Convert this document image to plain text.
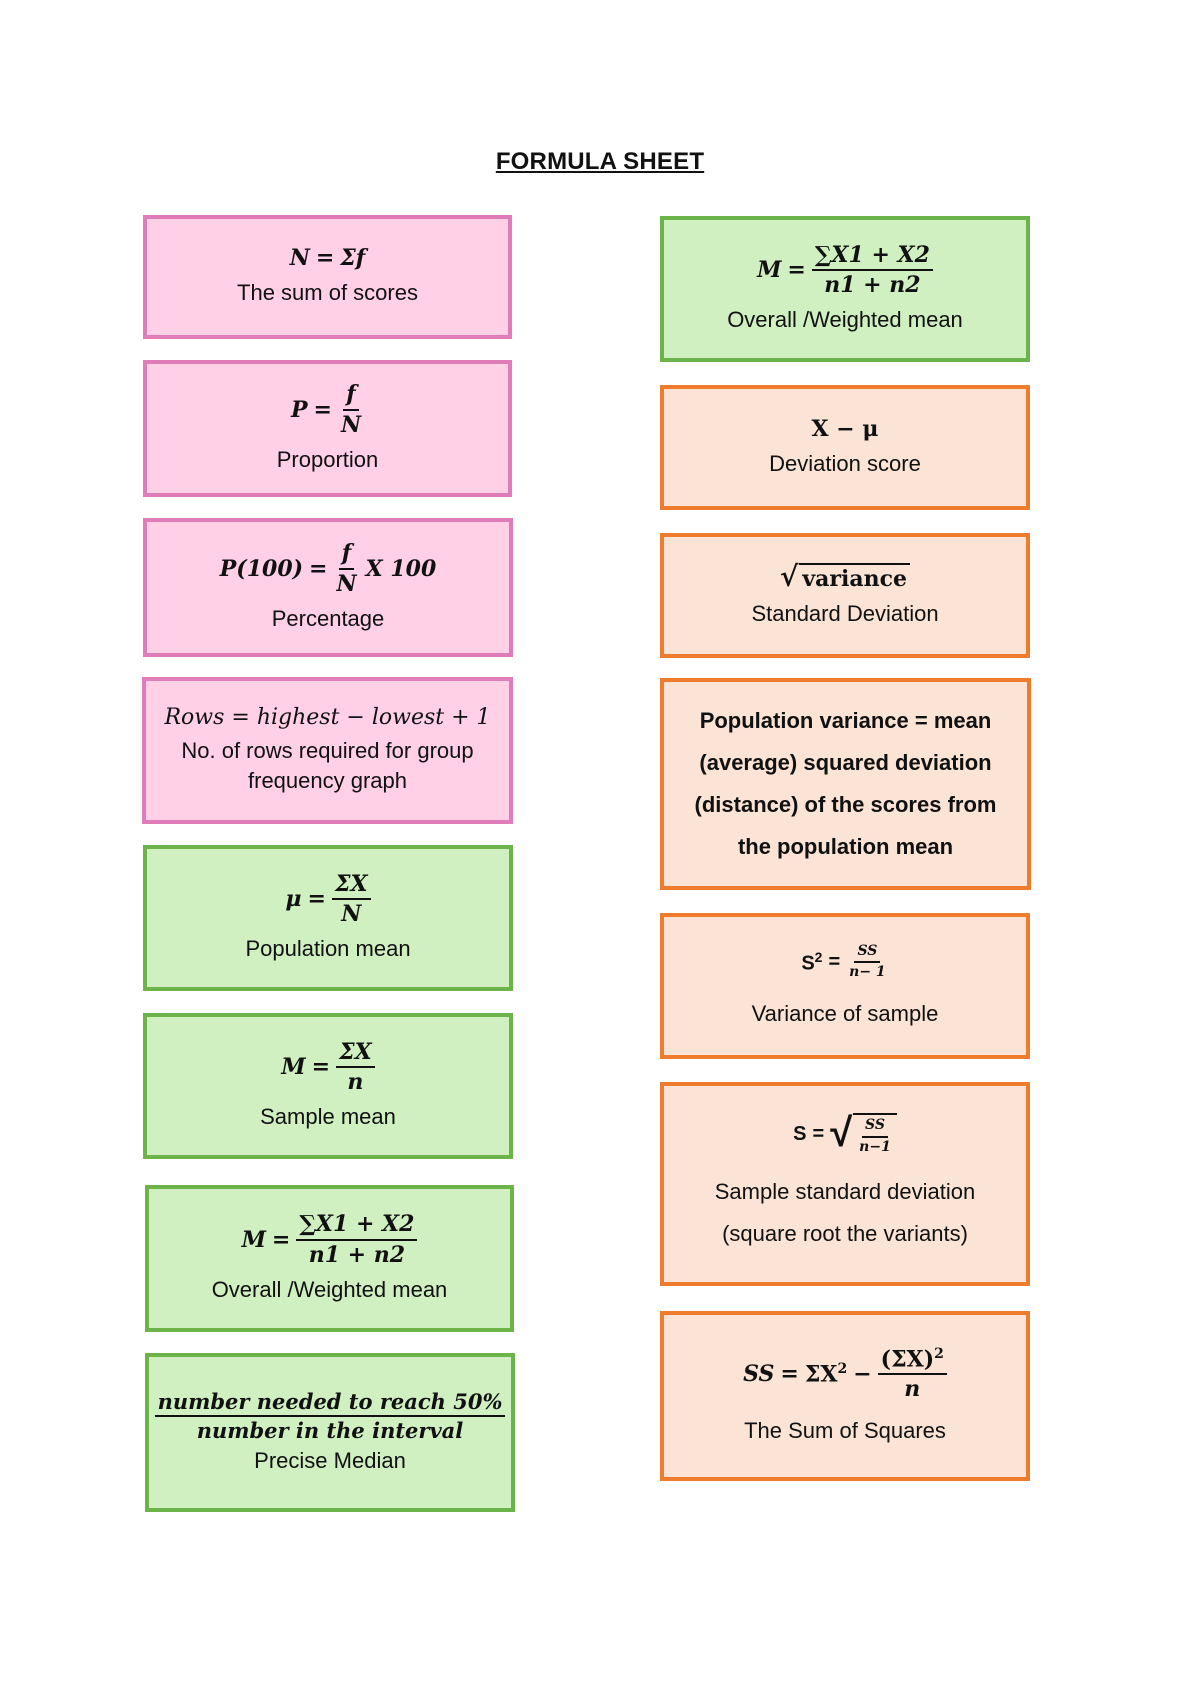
FORMULA SHEET
N = Σf
The sum of scores
$P = \frac{f}{N}$
Proportion
$P(100) = \frac{f}{N}$ X 100
Percentage
Rows = highest − lowest + 1
No. of rows required for group frequency graph
$\mu = \frac{\Sigma X}{N}$
Population mean
$M = \frac{\Sigma X}{n}$
Sample mean
$M = \frac{\sum X1 + X2}{n1 + n2}$
Overall /Weighted mean
$\frac{\text{number needed to reach 50\%}}{\text{number in the interval}}$
Precise Median
$M = \frac{\sum X1 + X2}{n1 + n2}$
Overall /Weighted mean
X − μ
Deviation score
√ variance
Standard Deviation
Population variance = mean (average) squared deviation (distance) of the scores from the population mean
$S^2 = \frac{SS}{n- 1}$
Variance of sample
S = √ $\frac{SS}{n-1}$
Sample standard deviation
(square root the variants)
SS = $\Sigma X^2 - \frac{(\Sigma X)^2}{n}$
The Sum of Squares
